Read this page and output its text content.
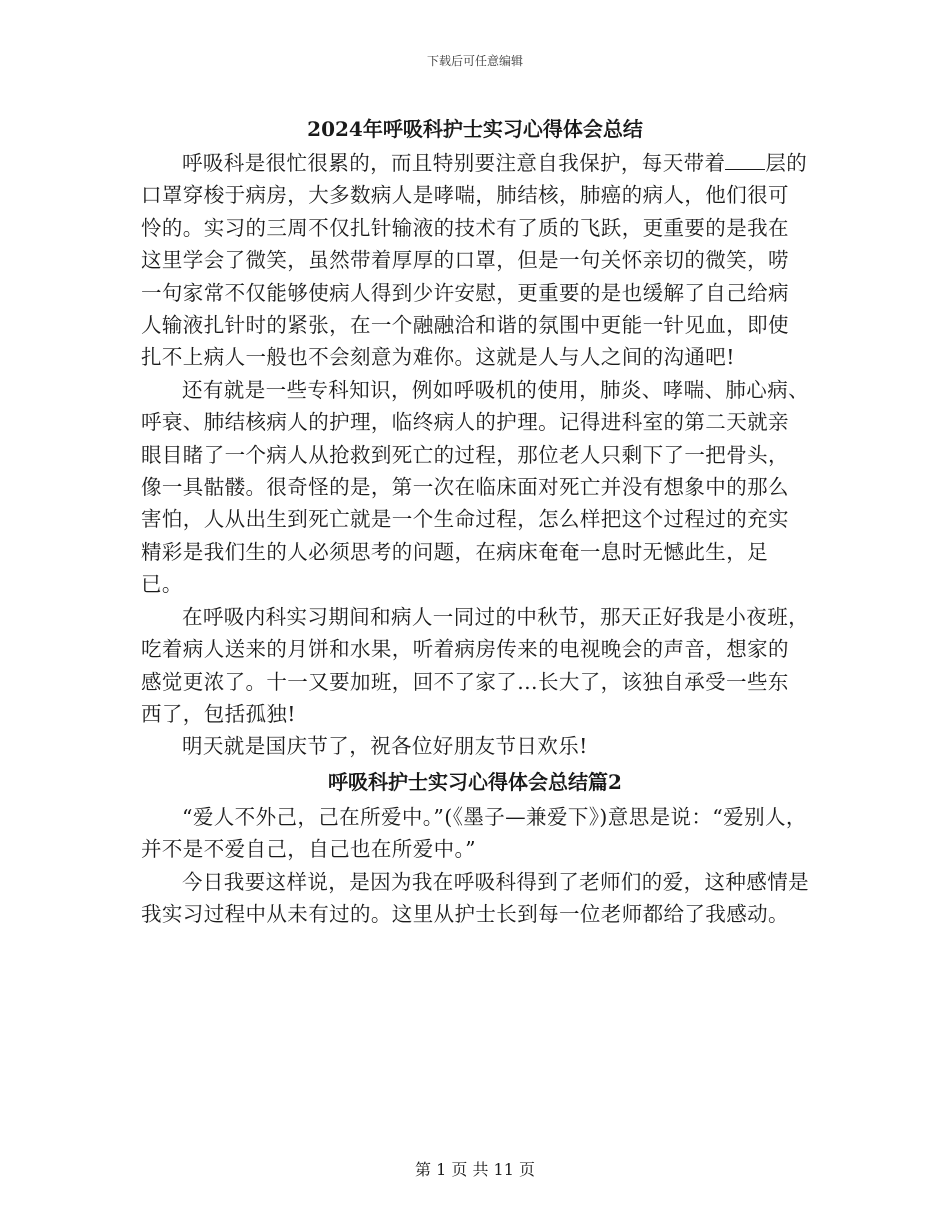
下载后可任意编辑
2024年呼吸科护士实习心得体会总结

呼吸科是很忙很累的，而且特别要注意自我保护，每天带着 层的口罩穿梭于病房，大多数病人是哮喘，肺结核，肺癌的病人，他们很可怜的。实习的三周不仅扎针输液的技术有了质的飞跃，更重要的是我在这里学会了微笑，虽然带着厚厚的口罩，但是一句关怀亲切的微笑，唠一句家常不仅能够使病人得到少许安慰，更重要的是也缓解了自己给病人输液扎针时的紧张，在一个融融洽和谐的氛围中更能一针见血，即使扎不上病人一般也不会刻意为难你。这就是人与人之间的沟通吧!

还有就是一些专科知识，例如呼吸机的使用，肺炎、哮喘、肺心病、呼衰、肺结核病人的护理，临终病人的护理。记得进科室的第二天就亲眼目睹了一个病人从抢救到死亡的过程，那位老人只剩下了一把骨头，像一具骷髅。很奇怪的是，第一次在临床面对死亡并没有想象中的那么害怕，人从出生到死亡就是一个生命过程，怎么样把这个过程过的充实精彩是我们生的人必须思考的问题，在病床奄奄一息时无憾此生，足已。

在呼吸内科实习期间和病人一同过的中秋节，那天正好我是小夜班，吃着病人送来的月饼和水果，听着病房传来的电视晚会的声音，想家的感觉更浓了。十一又要加班，回不了家了...长大了，该独自承受一些东西了，包括孤独!

明天就是国庆节了，祝各位好朋友节日欢乐!

呼吸科护士实习心得体会总结篇2

“爱人不外己，己在所爱中。”(《墨子—兼爱下》)意思是说：“爱别人，并不是不爱自己，自己也在所爱中。”

今日我要这样说，是因为我在呼吸科得到了老师们的爱，这种感情是我实习过程中从未有过的。这里从护士长到每一位老师都给了我感动。

第 1 页 共 11 页
